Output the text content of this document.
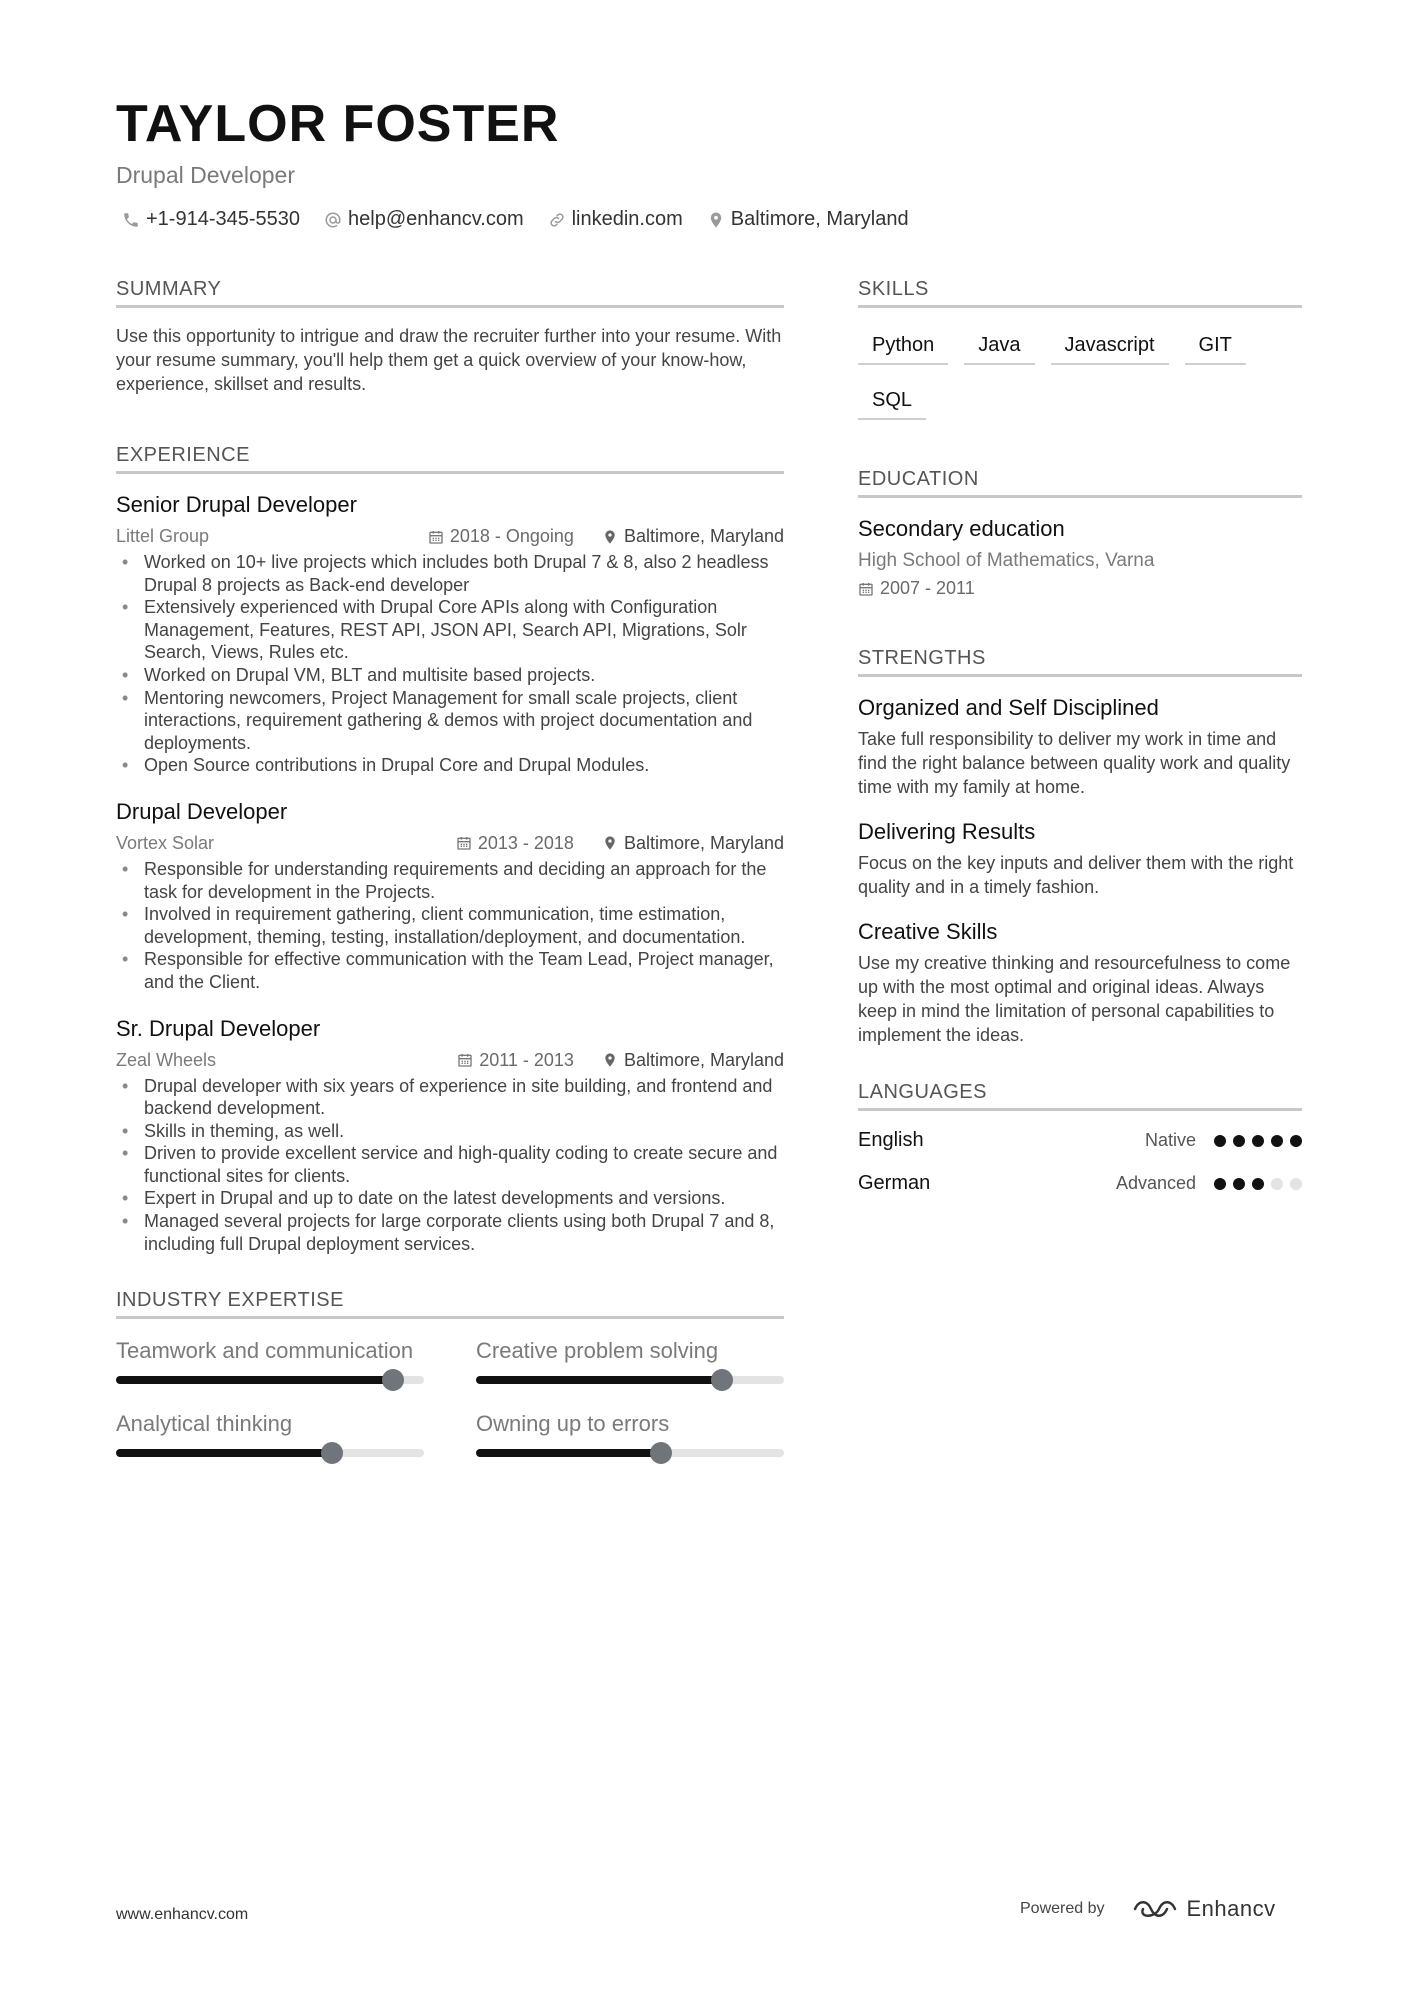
TAYLOR FOSTER
Drupal Developer
+1-914-345-5530 help@enhancv.com linkedin.com Baltimore, Maryland
SUMMARY
Use this opportunity to intrigue and draw the recruiter further into your resume. With your resume summary, you'll help them get a quick overview of your know-how, experience, skillset and results.
EXPERIENCE
Senior Drupal Developer
Littel Group	2018 - Ongoing	Baltimore, Maryland
• Worked on 10+ live projects which includes both Drupal 7 & 8, also 2 headless Drupal 8 projects as Back-end developer
• Extensively experienced with Drupal Core APIs along with Configuration Management, Features, REST API, JSON API, Search API, Migrations, Solr Search, Views, Rules etc.
• Worked on Drupal VM, BLT and multisite based projects.
• Mentoring newcomers, Project Management for small scale projects, client interactions, requirement gathering & demos with project documentation and deployments.
• Open Source contributions in Drupal Core and Drupal Modules.
Drupal Developer
Vortex Solar	2013 - 2018	Baltimore, Maryland
• Responsible for understanding requirements and deciding an approach for the task for development in the Projects.
• Involved in requirement gathering, client communication, time estimation, development, theming, testing, installation/deployment, and documentation.
• Responsible for effective communication with the Team Lead, Project manager, and the Client.
Sr. Drupal Developer
Zeal Wheels	2011 - 2013	Baltimore, Maryland
• Drupal developer with six years of experience in site building, and frontend and backend development.
• Skills in theming, as well.
• Driven to provide excellent service and high-quality coding to create secure and functional sites for clients.
• Expert in Drupal and up to date on the latest developments and versions.
• Managed several projects for large corporate clients using both Drupal 7 and 8, including full Drupal deployment services.
INDUSTRY EXPERTISE
Teamwork and communication	Creative problem solving
Analytical thinking	Owning up to errors
SKILLS
Python	Java	Javascript	GIT
SQL
EDUCATION
Secondary education
High School of Mathematics, Varna
2007 - 2011
STRENGTHS
Organized and Self Disciplined
Take full responsibility to deliver my work in time and find the right balance between quality work and quality time with my family at home.
Delivering Results
Focus on the key inputs and deliver them with the right quality and in a timely fashion.
Creative Skills
Use my creative thinking and resourcefulness to come up with the most optimal and original ideas. Always keep in mind the limitation of personal capabilities to implement the ideas.
LANGUAGES
English	Native
German	Advanced
www.enhancv.com	Powered by	Enhancv
